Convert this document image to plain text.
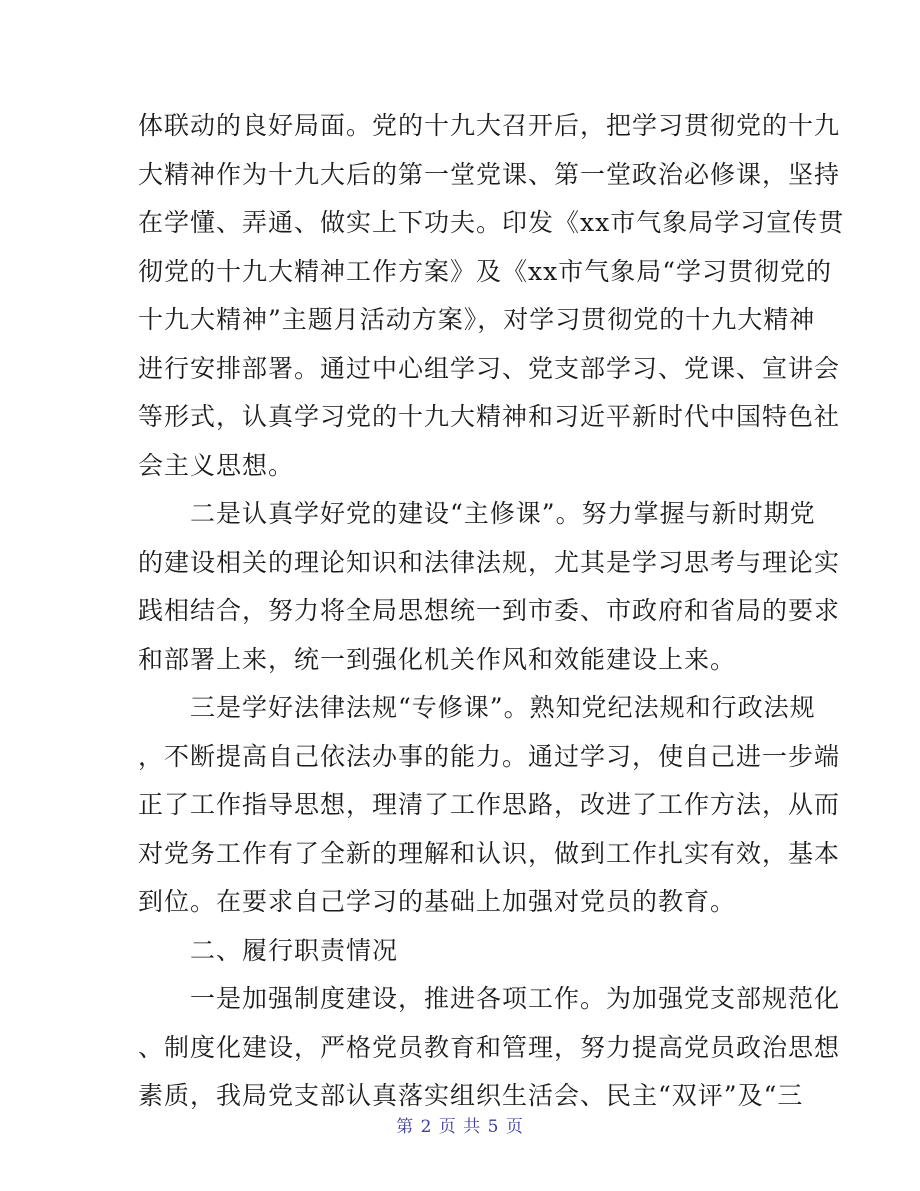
体联动的良好局面。党的十九大召开后，把学习贯彻党的十九
大精神作为十九大后的第一堂党课、第一堂政治必修课，坚持
在学懂、弄通、做实上下功夫。印发《xx市气象局学习宣传贯
彻党的十九大精神工作方案》及《xx市气象局“学习贯彻党的
十九大精神”主题月活动方案》，对学习贯彻党的十九大精神
进行安排部署。通过中心组学习、党支部学习、党课、宣讲会
等形式，认真学习党的十九大精神和习近平新时代中国特色社
会主义思想。
　　二是认真学好党的建设“主修课”。努力掌握与新时期党
的建设相关的理论知识和法律法规，尤其是学习思考与理论实
践相结合，努力将全局思想统一到市委、市政府和省局的要求
和部署上来，统一到强化机关作风和效能建设上来。
　　三是学好法律法规“专修课”。熟知党纪法规和行政法规
，不断提高自己依法办事的能力。通过学习，使自己进一步端
正了工作指导思想，理清了工作思路，改进了工作方法，从而
对党务工作有了全新的理解和认识，做到工作扎实有效，基本
到位。在要求自己学习的基础上加强对党员的教育。
　　二、履行职责情况
　　一是加强制度建设，推进各项工作。为加强党支部规范化
、制度化建设，严格党员教育和管理，努力提高党员政治思想
素质，我局党支部认真落实组织生活会、民主“双评”及“三
第 2 页 共 5 页
